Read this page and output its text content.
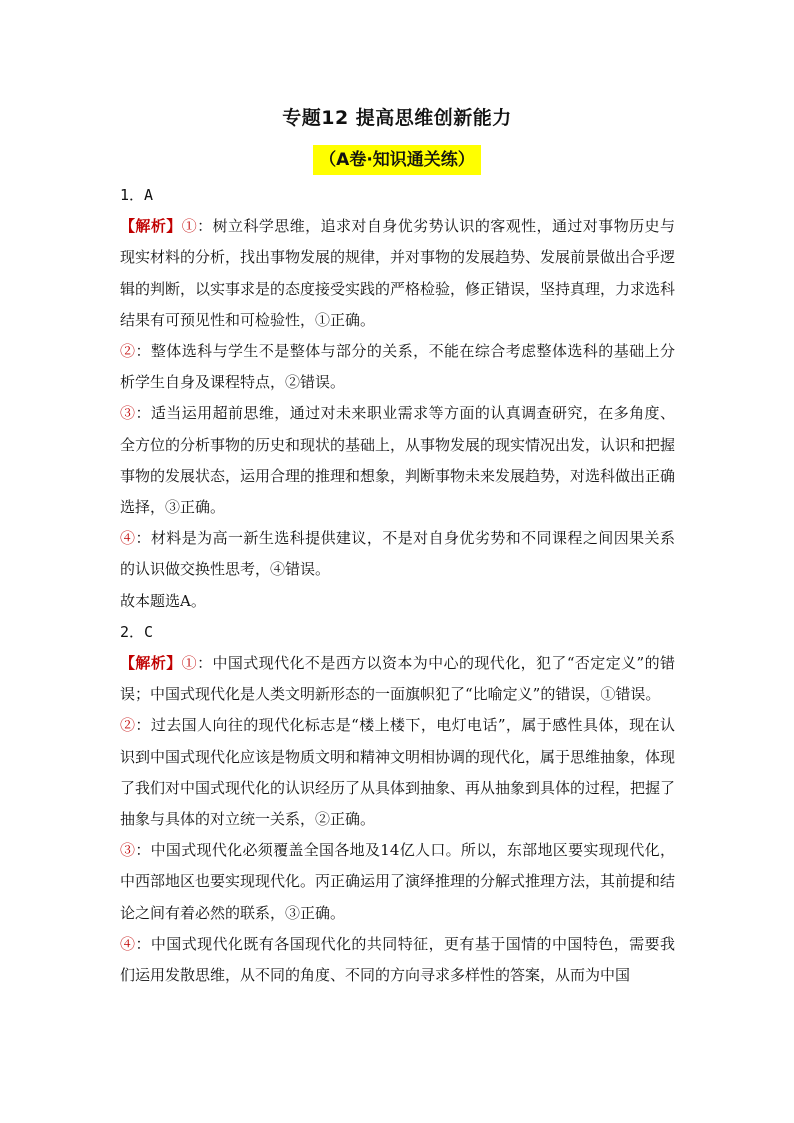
专题12 提高思维创新能力
（A卷·知识通关练）

1．A

【解析】①：树立科学思维，追求对自身优劣势认识的客观性，通过对事物历史与现实材料的分析，找出事物发展的规律，并对事物的发展趋势、发展前景做出合乎逻辑的判断，以实事求是的态度接受实践的严格检验，修正错误，坚持真理，力求选科结果有可预见性和可检验性，①正确。

②：整体选科与学生不是整体与部分的关系，不能在综合考虑整体选科的基础上分析学生自身及课程特点，②错误。

③：适当运用超前思维，通过对未来职业需求等方面的认真调查研究，在多角度、全方位的分析事物的历史和现状的基础上，从事物发展的现实情况出发，认识和把握事物的发展状态，运用合理的推理和想象，判断事物未来发展趋势，对选科做出正确选择，③正确。

④：材料是为高一新生选科提供建议，不是对自身优劣势和不同课程之间因果关系的认识做交换性思考，④错误。

故本题选A。

2．C

【解析】①：中国式现代化不是西方以资本为中心的现代化，犯了“否定定义”的错误；中国式现代化是人类文明新形态的一面旗帜犯了“比喻定义”的错误，①错误。

②：过去国人向往的现代化标志是“楼上楼下，电灯电话”，属于感性具体，现在认识到中国式现代化应该是物质文明和精神文明相协调的现代化，属于思维抽象，体现了我们对中国式现代化的认识经历了从具体到抽象、再从抽象到具体的过程，把握了抽象与具体的对立统一关系，②正确。

③：中国式现代化必须覆盖全国各地及14亿人口。所以，东部地区要实现现代化，中西部地区也要实现现代化。丙正确运用了演绎推理的分解式推理方法，其前提和结论之间有着必然的联系，③正确。

④：中国式现代化既有各国现代化的共同特征，更有基于国情的中国特色，需要我们运用发散思维，从不同的角度、不同的方向寻求多样性的答案，从而为中国
